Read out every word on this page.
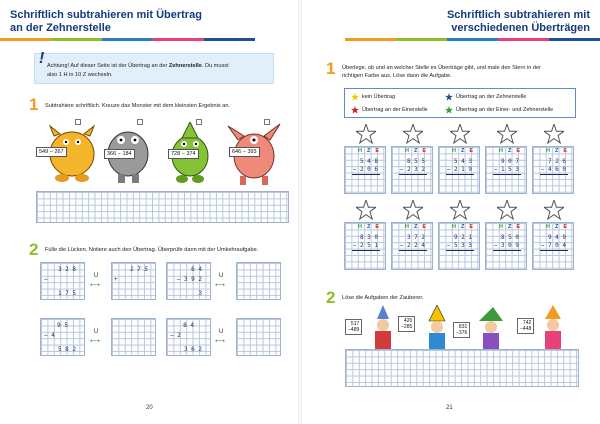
Schriftlich subtrahieren mit Übertrag
an der Zehnerstelle
! Achtung! Auf dieser Seite ist der Übertrag an der Zehnerstelle. Du musst
also 1 H in 10 Z wechseln.
1 Subtrahiere schriftlich. Kreuze das Monster mit dem kleinsten Ergebnis an.
549 − 267	366 − 184	728 − 374	646 − 393
2 Fülle die Lücken. Notiere auch den Übertrag. Überprüfe dann mit der Umkehraufgabe.
3 2 8
−
1 7 5
U
⟷
1 7 5
+
6 4
− 3 9 2
3
U
⟷
9 5
− 4
5 8 2
U
⟷
8 4
− 2
3 6 2
U
⟷
20
Schriftlich subtrahieren mit
verschiedenen Überträgen
1 Überlege, ob und an welcher Stelle es Überträge gibt, und male den Stern in der
richtigen Farbe aus. Löse dann die Aufgabe.
kein Übertrag
Übertrag an der Einerstelle
Übertrag an der Zehnerstelle
Übertrag an der Einer- und Zehnerstelle
HZE
5 4 8
− 2 0 6
HZE
8 5 5
− 2 3 2
HZE
5 4 3
− 2 1 9
HZE
9 0 7
− 1 5 3
HZE
7 2 6
− 4 6 0
HZE
8 3 0
− 2 5 1
HZE
3 7 2
− 2 2 4
HZE
9 2 1
− 5 3 3
HZE
8 5 0
− 3 0 9
HZE
9 4 9
− 7 0 4
2 Löse die Aufgaben der Zauberer.
517
−489
420
−285	831
−376
742
−448
21
